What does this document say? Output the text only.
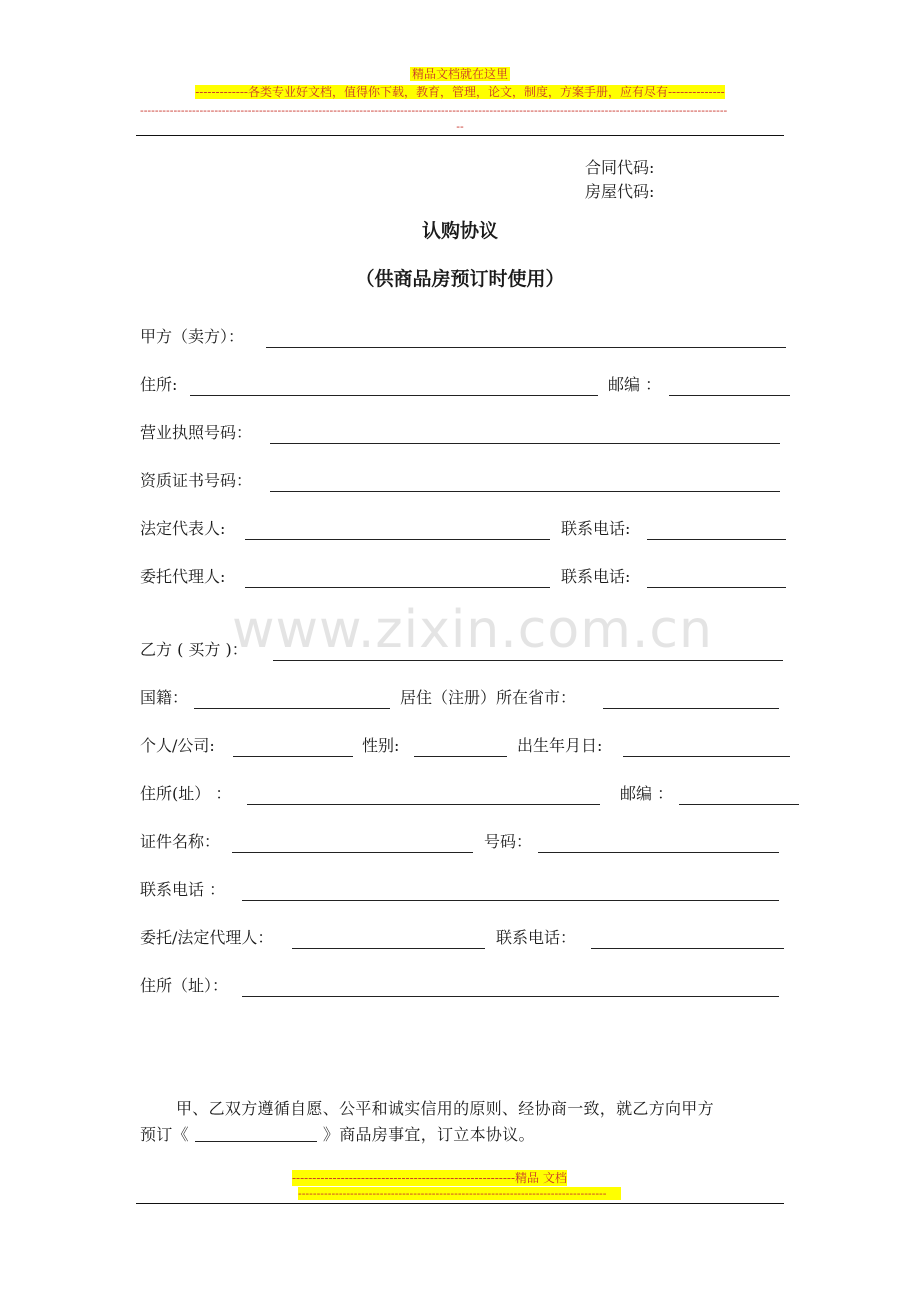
精品文档就在这里
-------------各类专业好文档，值得你下载，教育，管理，论文，制度，方案手册，应有尽有--------------
--------------------------------------------------------------------------------------------------------------------------------------------------------------
--
合同代码:
房屋代码:
认购协议
（供商品房预订时使用）
www.zixin.com.cn
甲方（卖方）：
住所:	邮编 ：
营业执照号码：
资质证书号码：
法定代表人:	联系电话:
委托代理人:	联系电话:
乙方 ( 买方 )：
国籍：	居住（注册）所在省市：
个人/公司:	性别:	出生年月日:
住所(址） ：	邮编 ：
证件名称：	号码：
联系电话 ：
委托/法定代理人：	联系电话：
住所（址）：
甲、乙双方遵循自愿、公平和诚实信用的原则、经协商一致，就乙方向甲方
预订《	》商品房事宜，订立本协议。
-------------------------------------------------------精品 文档
-----------------------------------------------------------------------------------
